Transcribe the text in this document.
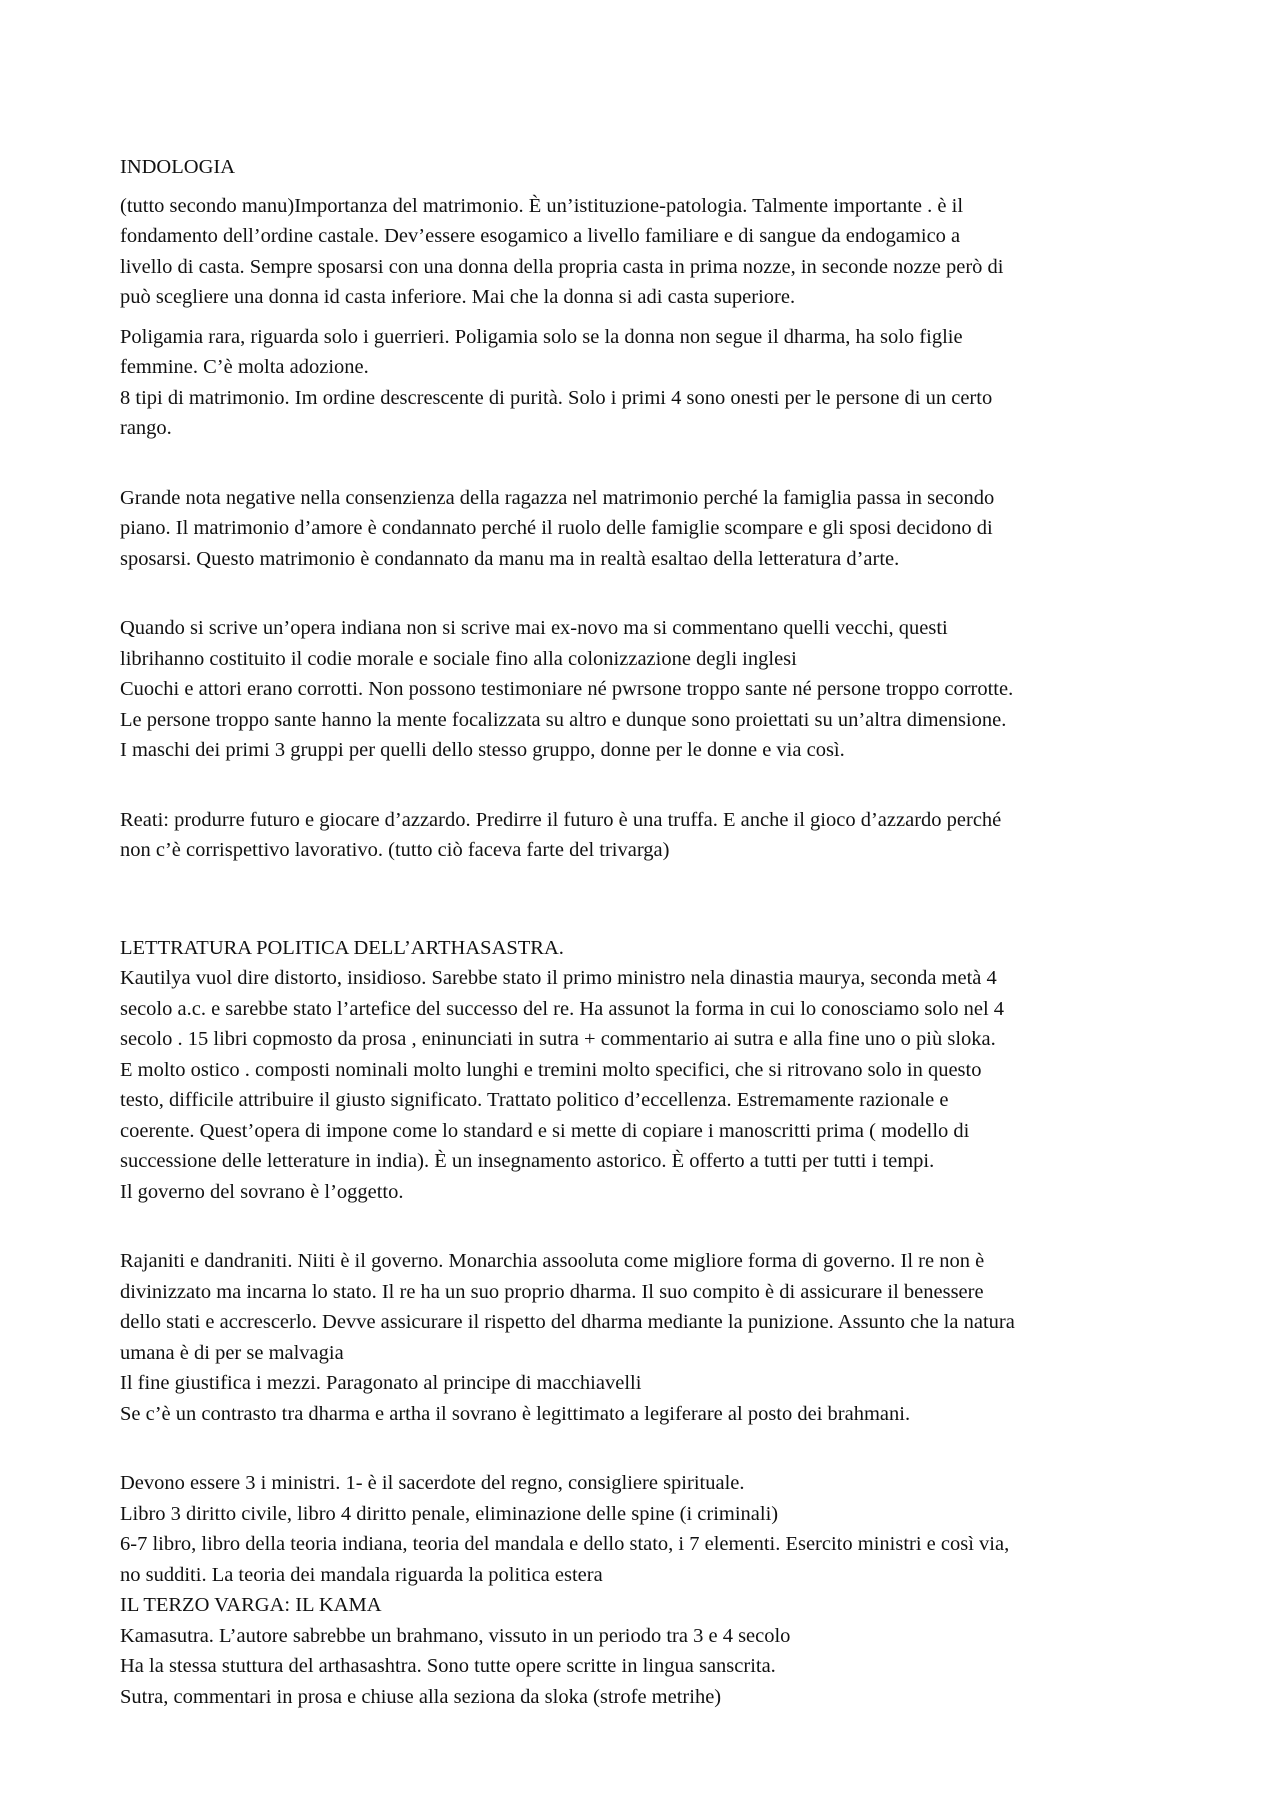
INDOLOGIA
(tutto secondo manu)Importanza del matrimonio. È un’istituzione-patologia. Talmente importante . è il
fondamento dell’ordine castale. Dev’essere esogamico a livello familiare e di sangue da endogamico a
livello di casta. Sempre sposarsi con una donna della propria casta in prima nozze, in seconde nozze però di
può scegliere una donna id casta inferiore. Mai che la donna si adi casta superiore.
Poligamia rara, riguarda solo i guerrieri. Poligamia solo se la donna non segue il dharma, ha solo figlie
femmine. C’è molta adozione.
8 tipi di matrimonio. Im ordine descrescente di purità. Solo i primi 4 sono onesti per le persone di un certo
rango.
Grande nota negative nella consenzienza della ragazza nel matrimonio perché la famiglia passa in secondo
piano. Il matrimonio d’amore è condannato perché il ruolo delle famiglie scompare e gli sposi decidono di
sposarsi. Questo matrimonio è condannato da manu ma in realtà esaltao della letteratura d’arte.
Quando si scrive un’opera indiana non si scrive mai ex-novo ma si commentano quelli vecchi, questi
librihanno costituito il codie morale e sociale fino alla colonizzazione degli inglesi
Cuochi e attori erano corrotti. Non possono testimoniare né pwrsone troppo sante né persone troppo corrotte.
Le persone troppo sante hanno la mente focalizzata su altro e dunque sono proiettati su un’altra dimensione.
I maschi dei primi 3 gruppi per quelli dello stesso gruppo, donne per le donne e via così.
Reati: produrre futuro e giocare d’azzardo. Predirre il futuro è una truffa. E anche il gioco d’azzardo perché
non c’è corrispettivo lavorativo. (tutto ciò faceva farte del trivarga)
LETTRATURA POLITICA DELL’ARTHASASTRA.
Kautilya vuol dire distorto, insidioso. Sarebbe stato il primo ministro nela dinastia maurya, seconda metà 4
secolo a.c. e sarebbe stato l’artefice del successo del re. Ha assunot la forma in cui lo conosciamo solo nel 4
secolo . 15 libri copmosto da prosa , eninunciati in sutra + commentario ai sutra e alla fine uno o più sloka.
E molto ostico . composti nominali molto lunghi e tremini molto specifici, che si ritrovano solo in questo
testo, difficile attribuire il giusto significato. Trattato politico d’eccellenza. Estremamente razionale e
coerente. Quest’opera di impone come lo standard e si mette di copiare i manoscritti prima ( modello di
successione delle letterature in india). È un insegnamento astorico. È offerto a tutti per tutti i tempi.
Il governo del sovrano è l’oggetto.
Rajaniti e dandraniti. Niiti è il governo. Monarchia assooluta come migliore forma di governo. Il re non è
divinizzato ma incarna lo stato. Il re ha un suo proprio dharma. Il suo compito è di assicurare il benessere
dello stati e accrescerlo. Devve assicurare il rispetto del dharma mediante la punizione. Assunto che la natura
umana è di per se malvagia
Il fine giustifica i mezzi. Paragonato al principe di macchiavelli
Se c’è un contrasto tra dharma e artha il sovrano è legittimato a legiferare al posto dei brahmani.
Devono essere 3 i ministri. 1- è il sacerdote del regno, consigliere spirituale.
Libro 3 diritto civile, libro 4 diritto penale, eliminazione delle spine (i criminali)
6-7 libro, libro della teoria indiana, teoria del mandala e dello stato, i 7 elementi. Esercito ministri e così via,
no sudditi. La teoria dei mandala riguarda la politica estera
IL TERZO VARGA: IL KAMA
Kamasutra. L’autore sabrebbe un brahmano, vissuto in un periodo tra 3 e 4 secolo
Ha la stessa stuttura del arthasashtra. Sono tutte opere scritte in lingua sanscrita.
Sutra, commentari in prosa e chiuse alla seziona da sloka (strofe metrihe)
